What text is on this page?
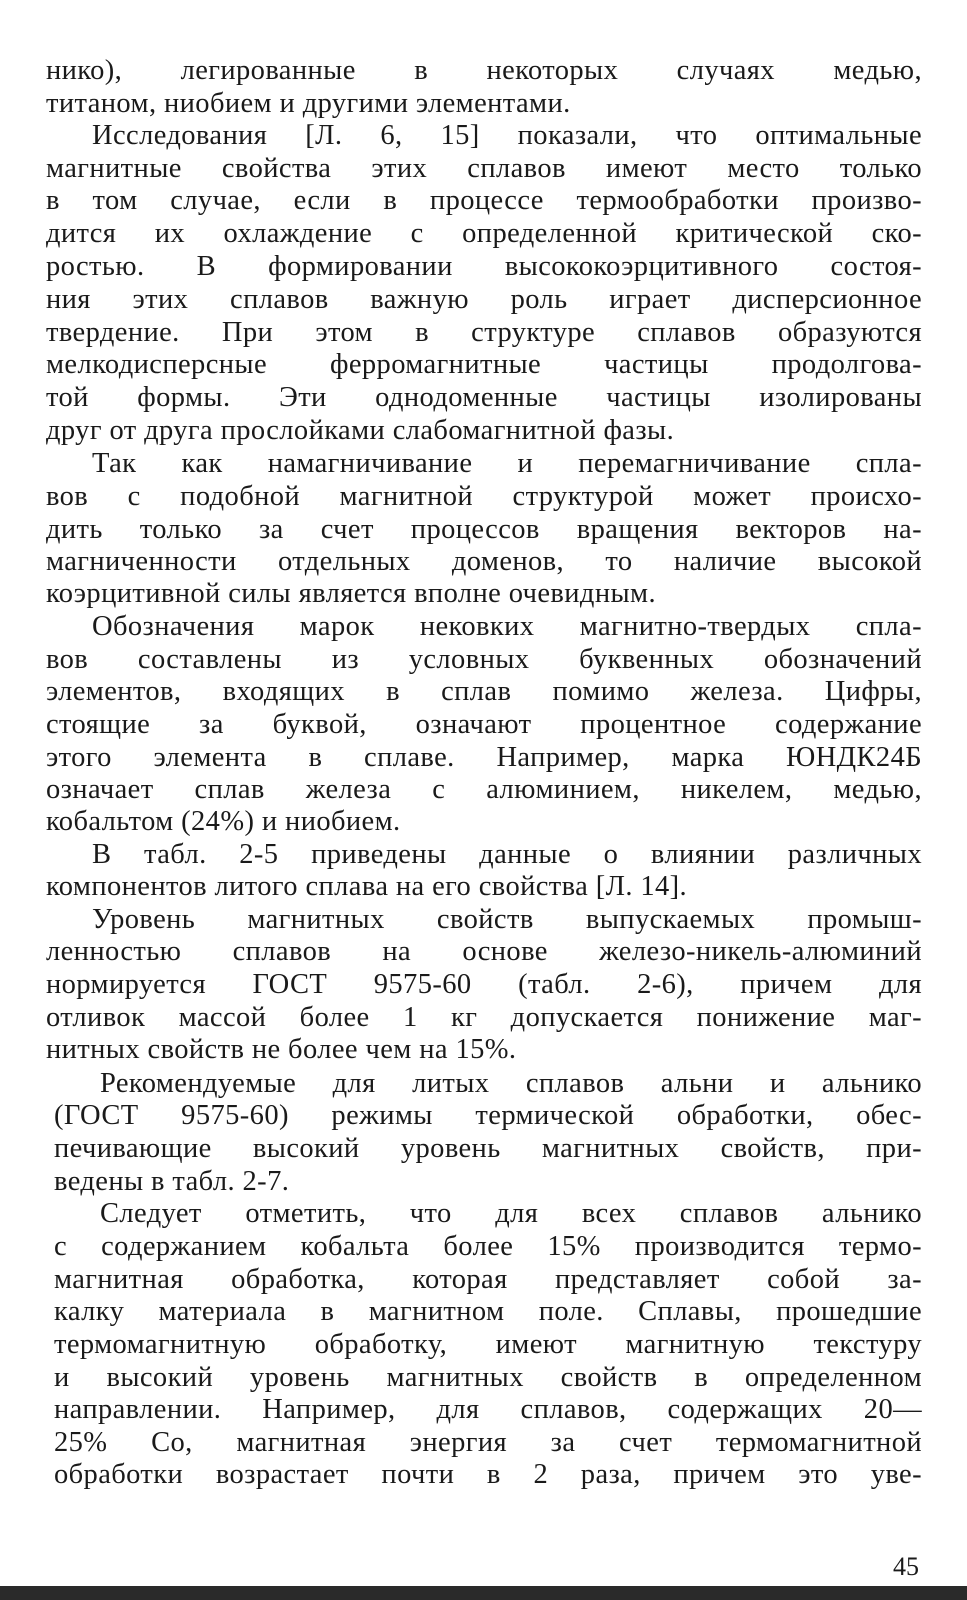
нико), легированные в некоторых случаях медью,
титаном, ниобием и другими элементами.
Исследования [Л. 6, 15] показали, что оптимальные
магнитные свойства этих сплавов имеют место только
в том случае, если в процессе термообработки произво-
дится их охлаждение с определенной критической ско-
ростью. В формировании высококоэрцитивного состоя-
ния этих сплавов важную роль играет дисперсионное
твердение. При этом в структуре сплавов образуются
мелкодисперсные ферромагнитные частицы продолгова-
той формы. Эти однодоменные частицы изолированы
друг от друга прослойками слабомагнитной фазы.
Так как намагничивание и перемагничивание спла-
вов с подобной магнитной структурой может происхо-
дить только за счет процессов вращения векторов на-
магниченности отдельных доменов, то наличие высокой
коэрцитивной силы является вполне очевидным.
Обозначения марок нековких магнитно-твердых спла-
вов составлены из условных буквенных обозначений
элементов, входящих в сплав помимо железа. Цифры,
стоящие за буквой, означают процентное содержание
этого элемента в сплаве. Например, марка ЮНДК24Б
означает сплав железа с алюминием, никелем, медью,
кобальтом (24%) и ниобием.
В табл. 2-5 приведены данные о влиянии различных
компонентов литого сплава на его свойства [Л. 14].
Уровень магнитных свойств выпускаемых промыш-
ленностью сплавов на основе железо-никель-алюминий
нормируется ГОСТ 9575-60 (табл. 2-6), причем для
отливок массой более 1 кг допускается понижение маг-
нитных свойств не более чем на 15%.
Рекомендуемые для литых сплавов альни и альнико
(ГОСТ 9575-60) режимы термической обработки, обес-
печивающие высокий уровень магнитных свойств, при-
ведены в табл. 2-7.
Следует отметить, что для всех сплавов альнико
с содержанием кобальта более 15% производится термо-
магнитная обработка, которая представляет собой за-
калку материала в магнитном поле. Сплавы, прошедшие
термомагнитную обработку, имеют магнитную текстуру
и высокий уровень магнитных свойств в определенном
направлении. Например, для сплавов, содержащих 20—
25% Co, магнитная энергия за счет термомагнитной
обработки возрастает почти в 2 раза, причем это уве-
45
